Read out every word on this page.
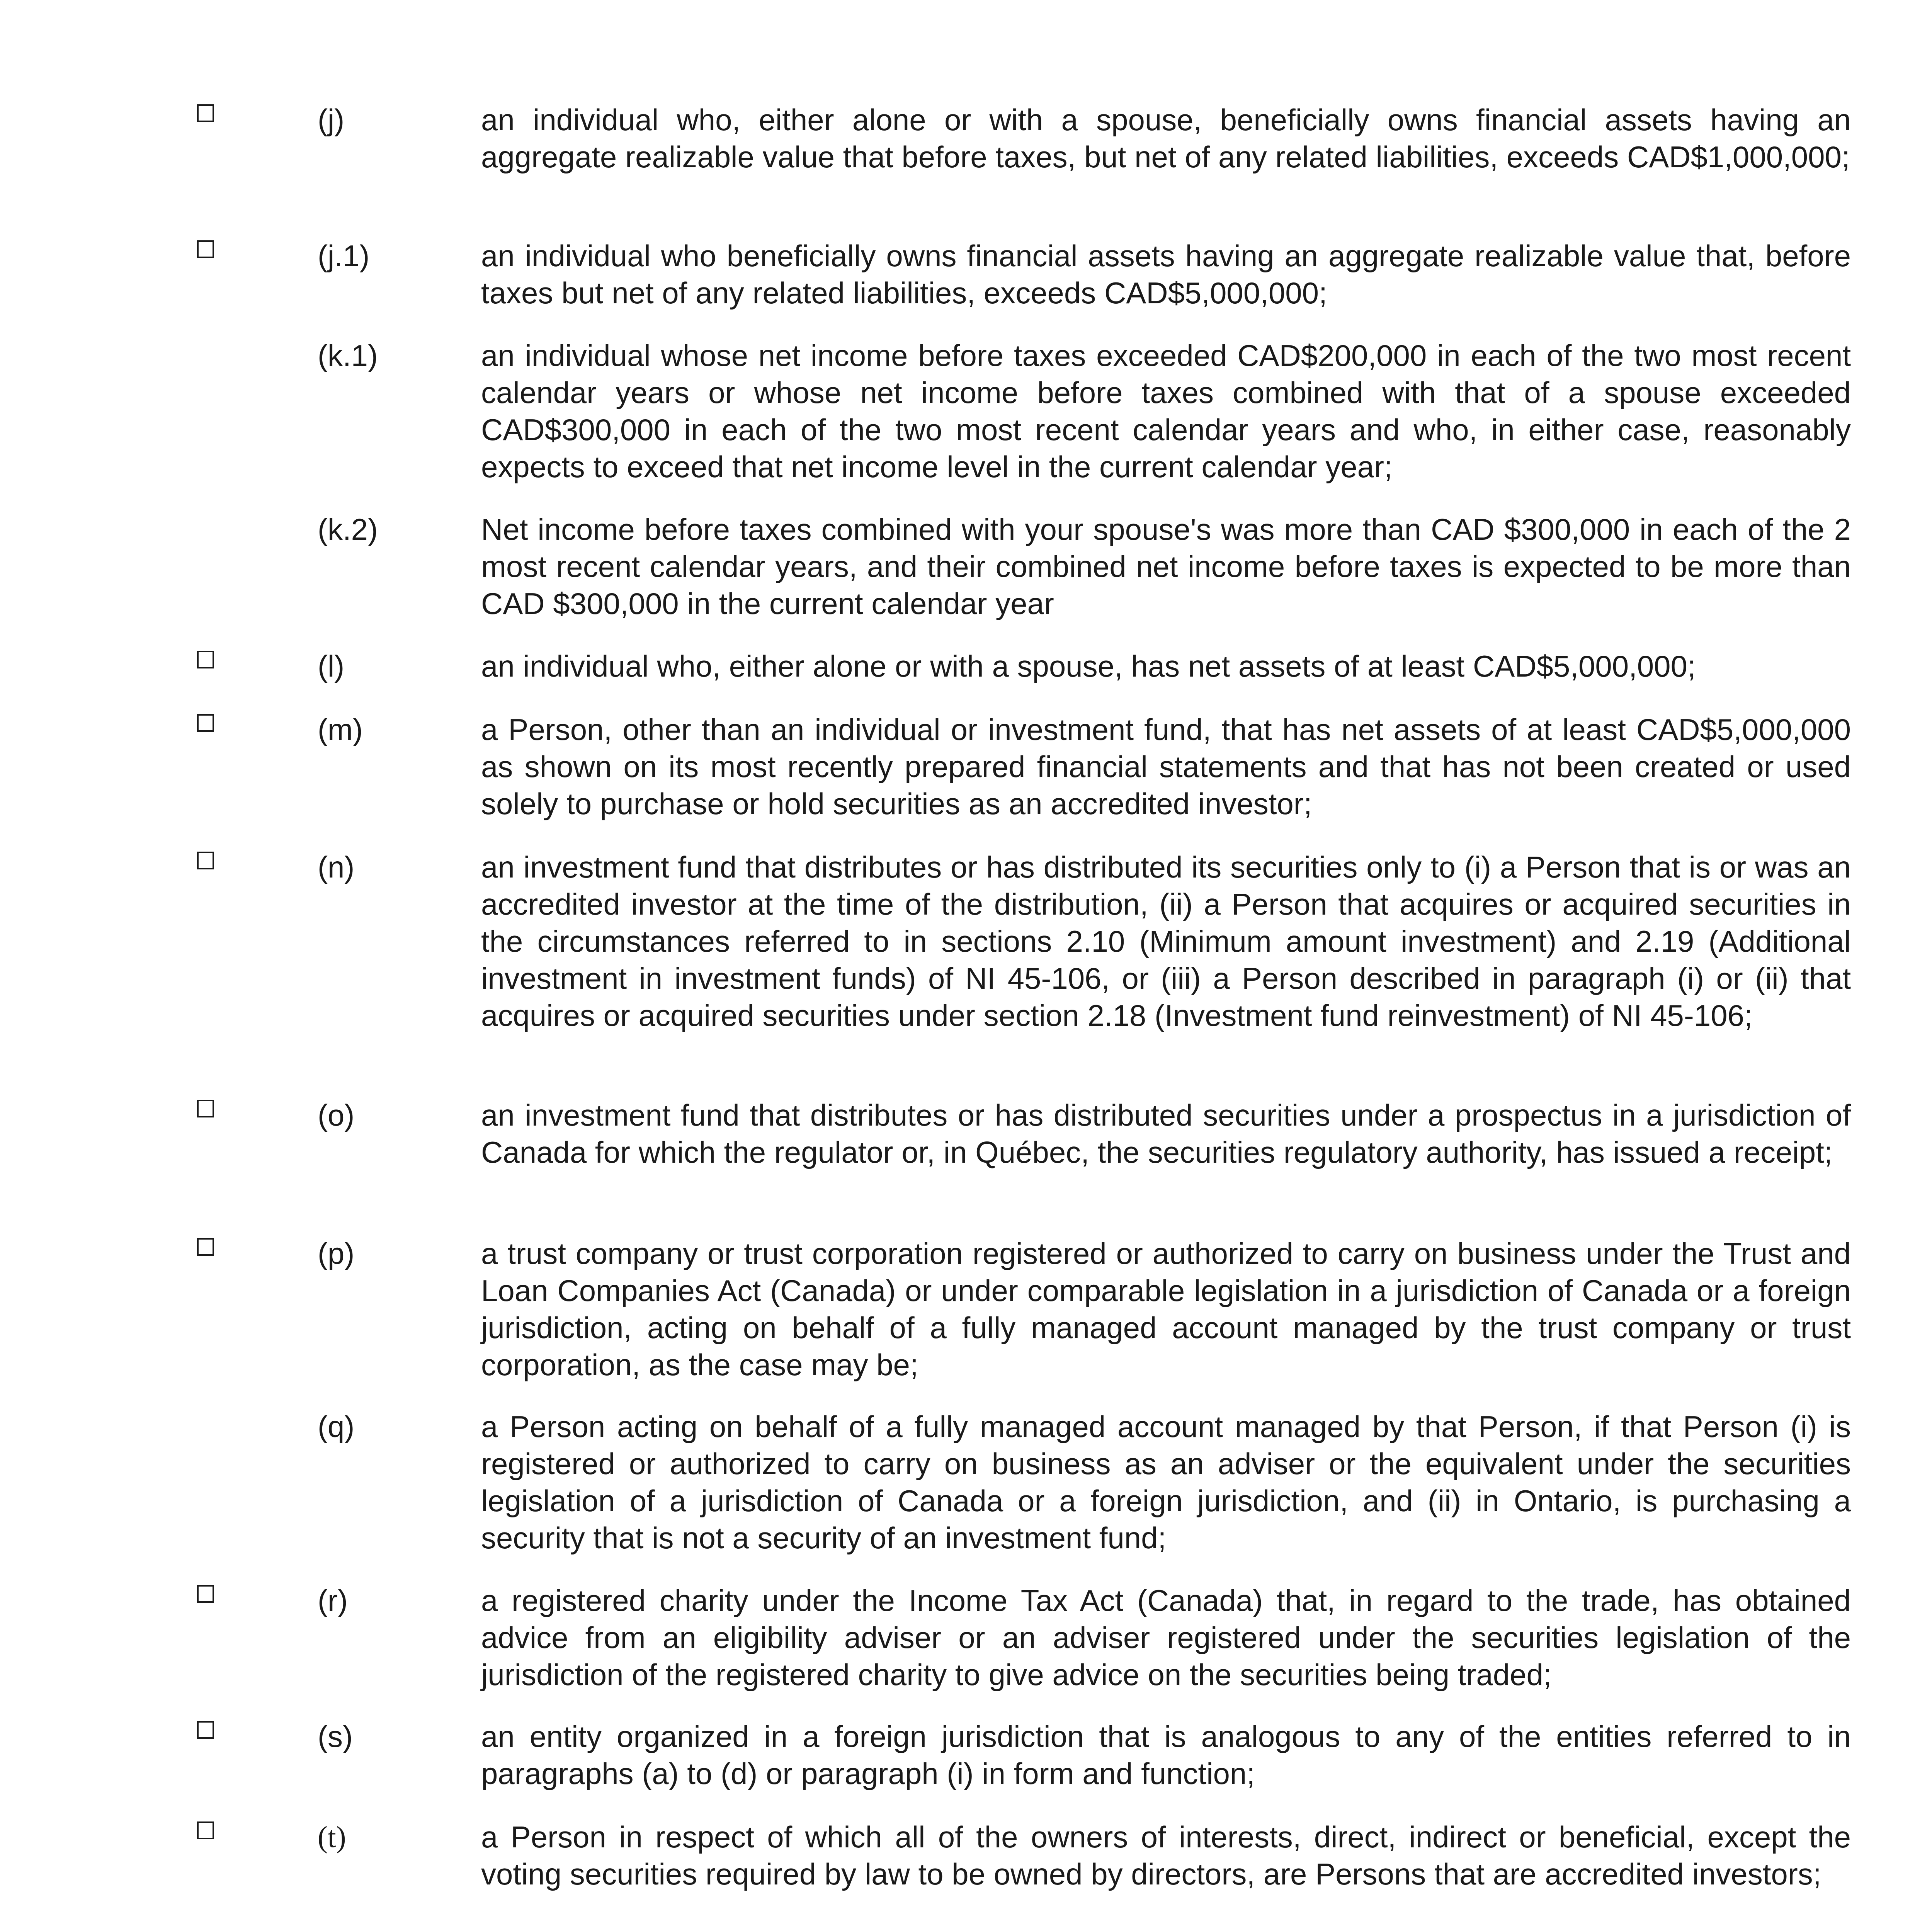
(j)	an individual who, either alone or with a spouse, beneficially owns financial assets having an aggregate realizable value that before taxes, but net of any related liabilities, exceeds CAD$1,000,000;
(j.1)	an individual who beneficially owns financial assets having an aggregate realizable value that, before taxes but net of any related liabilities, exceeds CAD$5,000,000;
(k.1)	an individual whose net income before taxes exceeded CAD$200,000 in each of the two most recent calendar years or whose net income before taxes combined with that of a spouse exceeded CAD$300,000 in each of the two most recent calendar years and who, in either case, reasonably expects to exceed that net income level in the current calendar year;
(k.2)	Net income before taxes combined with your spouse's was more than CAD $300,000 in each of the 2 most recent calendar years, and their combined net income before taxes is expected to be more than CAD $300,000 in the current calendar year
(l)	an individual who, either alone or with a spouse, has net assets of at least CAD$5,000,000;
(m)	a Person, other than an individual or investment fund, that has net assets of at least CAD$5,000,000 as shown on its most recently prepared financial statements and that has not been created or used solely to purchase or hold securities as an accredited investor;
(n)	an investment fund that distributes or has distributed its securities only to (i) a Person that is or was an accredited investor at the time of the distribution, (ii) a Person that acquires or acquired securities in the circumstances referred to in sections 2.10 (Minimum amount investment) and 2.19 (Additional investment in investment funds) of NI 45-106, or (iii) a Person described in paragraph (i) or (ii) that acquires or acquired securities under section 2.18 (Investment fund reinvestment) of NI 45-106;
(o)	an investment fund that distributes or has distributed securities under a prospectus in a jurisdiction of Canada for which the regulator or, in Québec, the securities regulatory authority, has issued a receipt;
(p)	a trust company or trust corporation registered or authorized to carry on business under the Trust and Loan Companies Act (Canada) or under comparable legislation in a jurisdiction of Canada or a foreign jurisdiction, acting on behalf of a fully managed account managed by the trust company or trust corporation, as the case may be;
(q)	a Person acting on behalf of a fully managed account managed by that Person, if that Person (i) is registered or authorized to carry on business as an adviser or the equivalent under the securities legislation of a jurisdiction of Canada or a foreign jurisdiction, and (ii) in Ontario, is purchasing a security that is not a security of an investment fund;
(r)	a registered charity under the Income Tax Act (Canada) that, in regard to the trade, has obtained advice from an eligibility adviser or an adviser registered under the securities legislation of the jurisdiction of the registered charity to give advice on the securities being traded;
(s)	an entity organized in a foreign jurisdiction that is analogous to any of the entities referred to in paragraphs (a) to (d) or paragraph (i) in form and function;
(t)	a Person in respect of which all of the owners of interests, direct, indirect or beneficial, except the voting securities required by law to be owned by directors, are Persons that are accredited investors;
